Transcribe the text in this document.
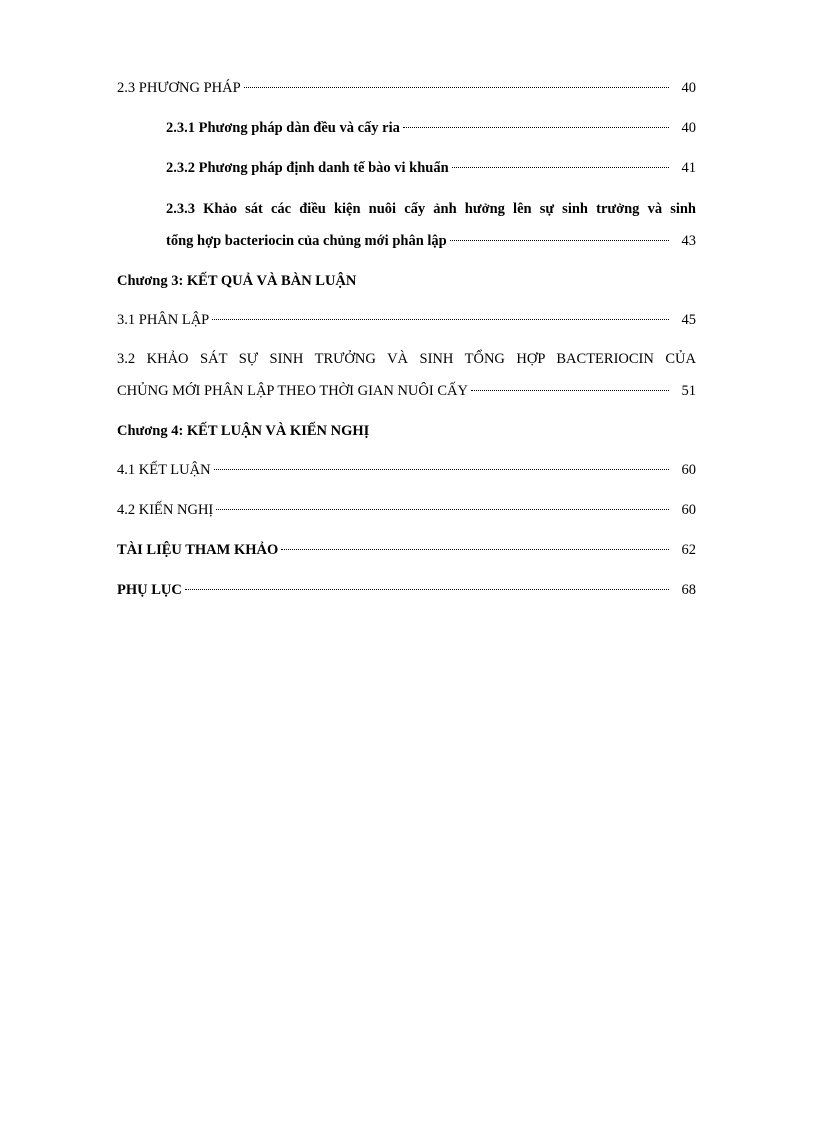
2.3 PHƯƠNG PHÁP	40
2.3.1 Phương pháp dàn đều và cấy ria	40
2.3.2 Phương pháp định danh tế bào vi khuẩn	41
2.3.3 Khảo sát các điều kiện nuôi cấy ảnh hưởng lên sự sinh trưởng và sinh
tổng hợp bacteriocin của chủng mới phân lập	43
Chương 3: KẾT QUẢ VÀ BÀN LUẬN
3.1 PHÂN LẬP	45
3.2 KHẢO SÁT SỰ SINH TRƯỞNG VÀ SINH TỔNG HỢP BACTERIOCIN CỦA
CHỦNG MỚI PHÂN LẬP THEO THỜI GIAN NUÔI CẤY	51
Chương 4: KẾT LUẬN VÀ KIẾN NGHỊ
4.1 KẾT LUẬN	60
4.2 KIẾN NGHỊ	60
TÀI LIỆU THAM KHẢO	62
PHỤ LỤC	68
